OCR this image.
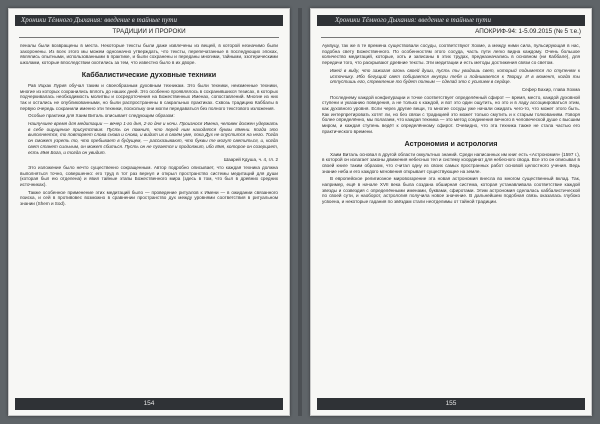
Хроники Тёмного Дыхания: введение в тайные пути
ТРАДИЦИИ И ПРОРОКИ

пеналы были возвращены в места. Некоторые тексты были даже извлечены из вещей, в которой незначимо были захоронены. Из всех этого мы можем однозначно утверждать, что тексты, перепечатанные в последующих эпохах, являлись опытными, использованными в практике, и были сохранены и переданы многими, тайными, эзотерическими школами, которые впоследствии охотились за тем, что известно было в их дворе.

Каббалистические духовные техники

Рав Ицхак Лурия обучал таким и своеобразным духовным техникам. Это были техники, неизменные техники, многие из которых сохранились вплоть до наших дней. Это особенно проявлялось в сохранившихся тезисах, в которых подчеркивалась необходимость молитвы и сосредоточения на Божественных Именах, сопоставлений. Многие из них так и остались не опубликованными, но были распространены в сакральных практиках. Сквозь традицию Каббалы в первую очередь сохранили именно эти техники, поскольку они могли передаваться без полного текстового изложения.

Особые практики для Хаим Виталь описывает следующим образом:

Наилучшее время для медитации — вечер 1-го дня, 2-го дня и ночи. Произнося Имена, человек должен удержать в себе ощущение присутствия. Пусть он помнит, что перед ним находятся буквы Имени. Когда это выполняется, то повторяет слова снова и снова, и видит их в своём уме, пока Дух не опустится на него. Тогда он сможет узреть то, что пребывает в будущем, — рассказывают, что буквы те могут светиться, и, когда свет станет сильным, он может сбиться. Пусть он не пугается и продолжит, ибо Имя, которое он созерцает, есть Имя Бога, и тогда он увидит.

Шаарей Кдуша, ч. 4, гл. 2

Это изложение было нечто существенно сокращенным. Автор подробно описывает, что каждая техника должна выполняться точно, совершенно: его труд в тот раз вернул и открыл пространство системы медитаций для души (которая был ею отделена) и явил тайные этапы Божественного мира (здесь в том, что был в древних средних источниках).

Также особенное применение этих медитаций было — проведение ритуалов к Имени — в ожидании связанного поиска, и сей в противовес возможно в сравнении пространство дух между уровнями соответствия в ритуальном знании (Shem и Sod).

154
Хроники Тёмного Дыхания: введение в тайные пути
АПОКРИФ-94: 1-5.09.2015 (№ 5 т.е.)

Ауквуцу, так же в те времена существовали сосуды, соответствуют Хохме, а между ними сила, пульсирующая в нас, подобна свету Божественного. По особенностям этого сосуда, часть пути легко видна каждому. Очень большое количество медитаций, которые, хоть и записаны в этих трудах, предназначались в основном (ни Каббале), для передачи того, что раскрывают древние тексты. Эти медитации и есть методы достижения связи со светом.

Имей в виду, что зажигая огонь своей души, пусть ты увидишь свет, который подымется по ступеням к источнику. Ибо бегущий свет собирается внутри тебя и поднимается к Творцу. И в момент, когда ты отпустишь его, стремление то будет полным — сделай это с усилием в сердце.

Сефер Бахир, глава Хохма

Последнему каждой конфигурации и точке соответствует определённый сфирот — время, место, каждой духовной ступени и указанию поведения, а не только к каждой, и вот это один ощутить, но это и в ладу ассоциироваться этим, как духовного уровня. Если через другие вещи, то многие сосуды уже начали ожидать чего-то, что может этого быть. Как интерпретировать хотят ли, но без связи с традицией это может только смутить и к старым толкованиям. Говоря более определённо, мы полагаем, что каждая техника — это метод соединения вечного в человеческой душе с высшим миром, и каждая ступень ведёт к определённому сфирот. Очевидно, что эта техника также не стала частью его практического времени.

Астрономия и астрология

Хаим Виталь основал в другой области оккультных знаний. Среди написанных им книг есть «Астрономия» (1597 г.), в которой он излагает законы движения небесных тел и систему координат для небесного свода. Все это он описывал в своей книге таким образом, что считал одну из своих самых пространных работ основой целостного учения. Ведь знание неба и его каждого мгновения открывает существующее на земле.

В европейское религиозное мировоззрение эта новая астрономия внесла во многом существенный вклад. Так, например, ещё в начале XVII века была создана обширная система, которая устанавливала соответствие каждой звезды и созвездия с определёнными именами, буквами, сфиротами. Этим астрономия сделалась каббалистической по своей сути, и наоборот, астрология получила новое значение. В дальнейшем подобная связь оказалась глубоко усвоена, и некоторые гадания по звёздам стали неотделимы от тайной традиции.

155
